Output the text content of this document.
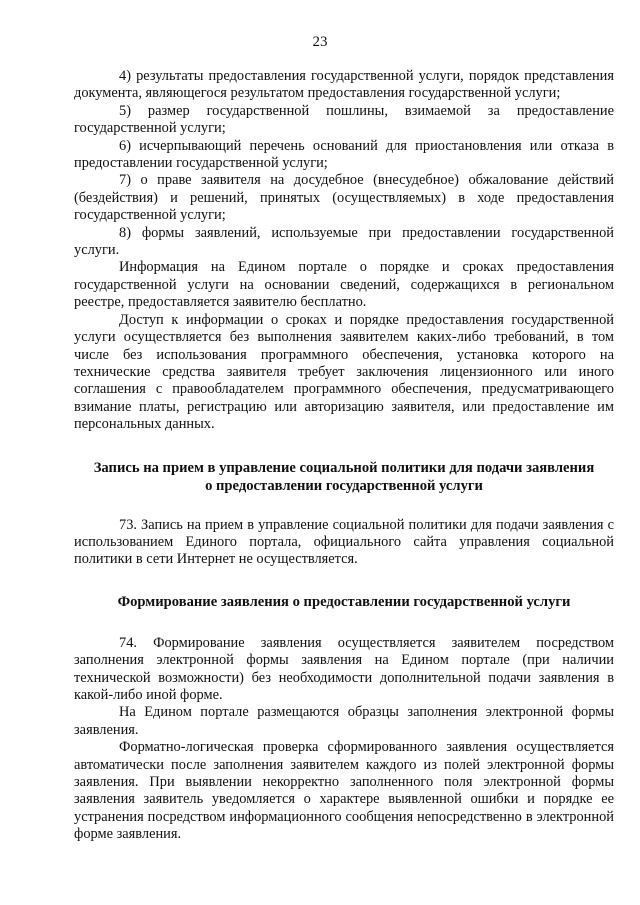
23

4) результаты предоставления государственной услуги, порядок представления документа, являющегося результатом предоставления государственной услуги;

5) размер государственной пошлины, взимаемой за предоставление государственной услуги;

6) исчерпывающий перечень оснований для приостановления или отказа в предоставлении государственной услуги;

7) о праве заявителя на досудебное (внесудебное) обжалование действий (бездействия) и решений, принятых (осуществляемых) в ходе предоставления государственной услуги;

8) формы заявлений, используемые при предоставлении государственной услуги.

Информация на Едином портале о порядке и сроках предоставления государственной услуги на основании сведений, содержащихся в региональном реестре, предоставляется заявителю бесплатно.

Доступ к информации о сроках и порядке предоставления государственной услуги осуществляется без выполнения заявителем каких-либо требований, в том числе без использования программного обеспечения, установка которого на технические средства заявителя требует заключения лицензионного или иного соглашения с правообладателем программного обеспечения, предусматривающего взимание платы, регистрацию или авторизацию заявителя, или предоставление им персональных данных.

Запись на прием в управление социальной политики для подачи заявления
о предоставлении государственной услуги

73. Запись на прием в управление социальной политики для подачи заявления с использованием Единого портала, официального сайта управления социальной политики в сети Интернет не осуществляется.

Формирование заявления о предоставлении государственной услуги

74. Формирование заявления осуществляется заявителем посредством заполнения электронной формы заявления на Едином портале (при наличии технической возможности) без необходимости дополнительной подачи заявления в какой-либо иной форме.

На Едином портале размещаются образцы заполнения электронной формы заявления.

Форматно-логическая проверка сформированного заявления осуществляется автоматически после заполнения заявителем каждого из полей электронной формы заявления. При выявлении некорректно заполненного поля электронной формы заявления заявитель уведомляется о характере выявленной ошибки и порядке ее устранения посредством информационного сообщения непосредственно в электронной форме заявления.
